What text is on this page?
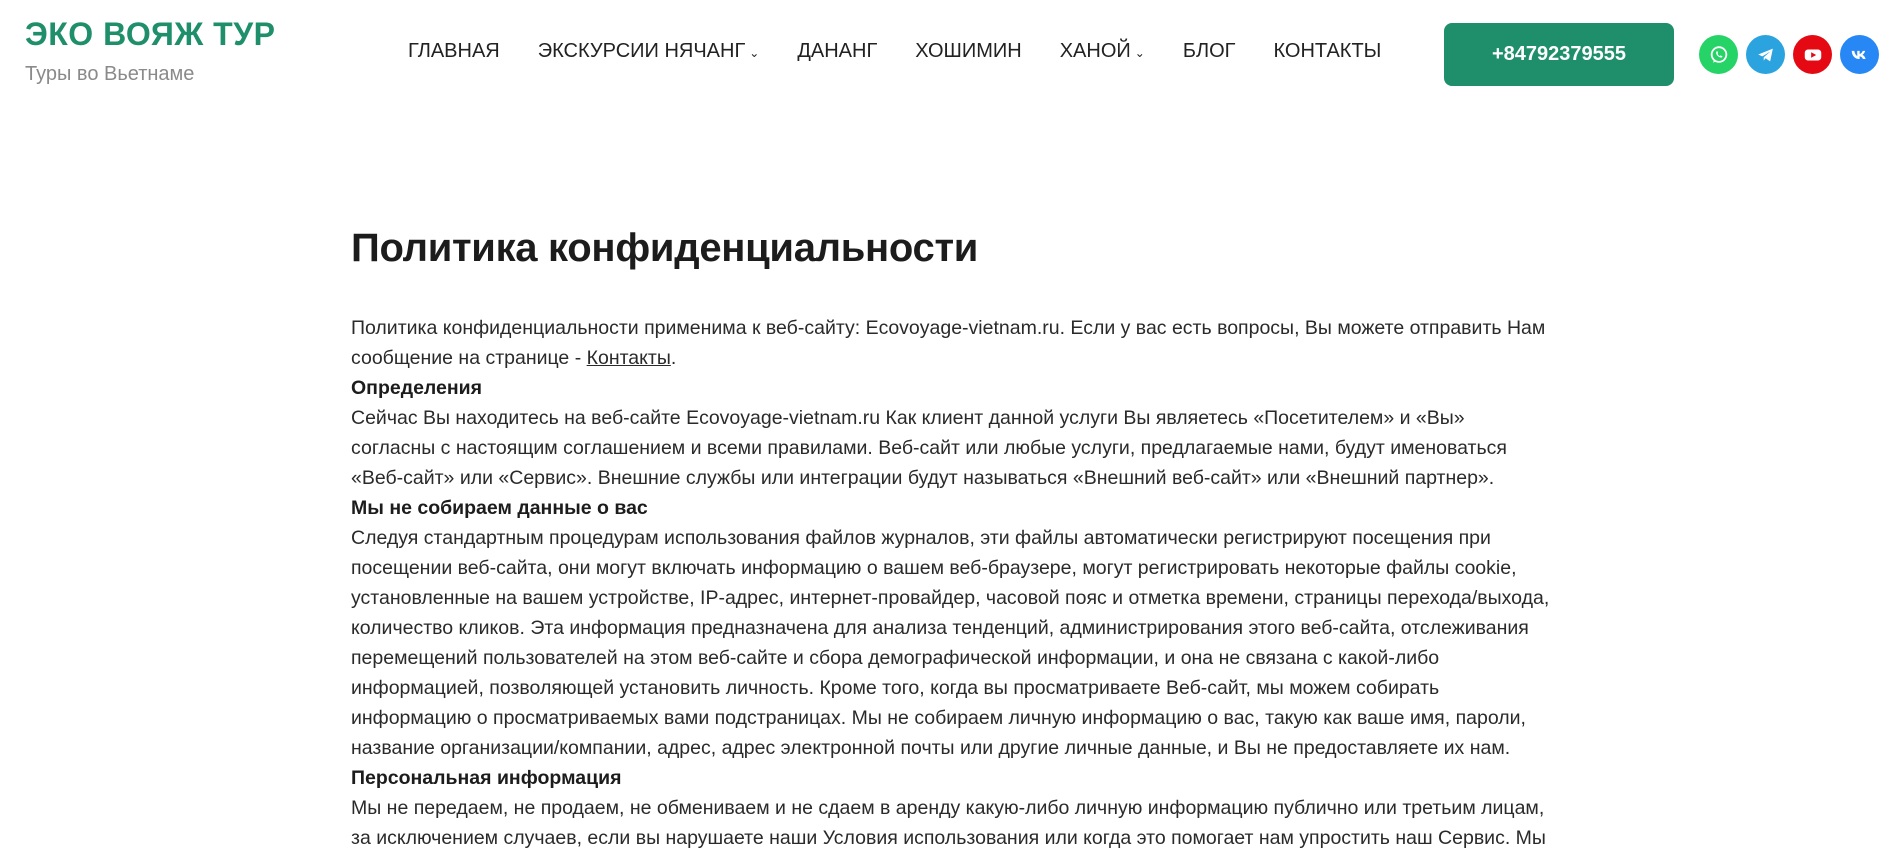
ЭКО ВОЯЖ ТУР
Туры во Вьетнаме
ГЛАВНАЯ ЭКСКУРСИИ НЯЧАНГ ⌄ ДАНАНГ ХОШИМИН ХАНОЙ ⌄ БЛОГ КОНТАКТЫ	+84792379555
Политика конфиденциальности

Политика конфиденциальности применима к веб-сайту: Ecovoyage-vietnam.ru. Если у вас есть вопросы, Вы можете отправить Нам сообщение на странице - Контакты.

Определения

Сейчас Вы находитесь на веб-сайте Ecovoyage-vietnam.ru Как клиент данной услуги Вы являетесь «Посетителем» и «Вы» согласны с настоящим соглашением и всеми правилами. Веб-сайт или любые услуги, предлагаемые нами, будут именоваться «Веб-сайт» или «Сервис». Внешние службы или интеграции будут называться «Внешний веб-сайт» или «Внешний партнер».

Мы не собираем данные о вас

Следуя стандартным процедурам использования файлов журналов, эти файлы автоматически регистрируют посещения при посещении веб-сайта, они могут включать информацию о вашем веб-браузере, могут регистрировать некоторые файлы cookie, установленные на вашем устройстве, IP-адрес, интернет-провайдер, часовой пояс и отметка времени, страницы перехода/выхода, количество кликов. Эта информация предназначена для анализа тенденций, администрирования этого веб-сайта, отслеживания перемещений пользователей на этом веб-сайте и сбора демографической информации, и она не связана с какой-либо информацией, позволяющей установить личность. Кроме того, когда вы просматриваете Веб-сайт, мы можем собирать информацию о просматриваемых вами подстраницах. Мы не собираем личную информацию о вас, такую как ваше имя, пароли, название организации/компании, адрес, адрес электронной почты или другие личные данные, и Вы не предоставляете их нам.

Персональная информация

Мы не передаем, не продаем, не обмениваем и не сдаем в аренду какую-либо личную информацию публично или третьим лицам, за исключением случаев, если вы нарушаете наши Условия использования или когда это помогает нам упростить наш Сервис. Мы
